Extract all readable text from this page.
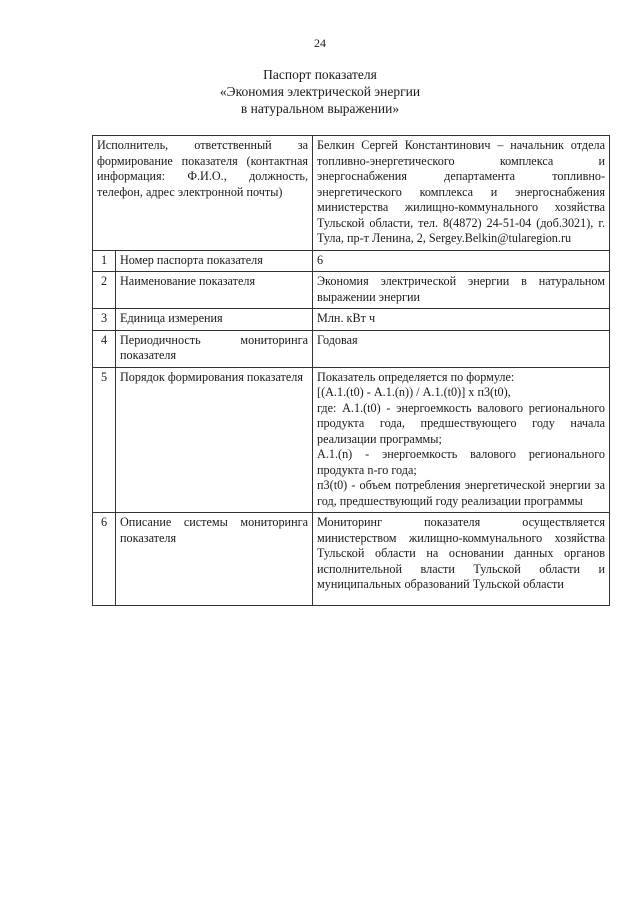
24
Паспорт показателя
«Экономия электрической энергии
в натуральном выражении»
Исполнитель, ответственный за формирование показателя (контактная информация: Ф.И.О., должность, телефон, адрес электронной почты)		Белкин Сергей Константинович – начальник отдела топливно-энергетического комплекса и энергоснабжения департамента топливно-энергетического комплекса и энергоснабжения министерства жилищно-коммунального хозяйства Тульской области, тел. 8(4872) 24-51-04 (доб.3021), г. Тула, пр-т Ленина, 2, Sergey.Belkin@tularegion.ru
1	Номер паспорта показателя	6
2	Наименование показателя	Экономия электрической энергии в натуральном выражении энергии
3	Единица измерения	Млн. кВт ч
4	Периодичность мониторинга показателя	Годовая
5	Порядок формирования показателя	Показатель определяется по формуле:

[(А.1.(t0) - А.1.(n)) / А.1.(t0)] х п3(t0),

где: А.1.(t0) - энергоемкость валового регионального продукта года, предшествующего году начала реализации программы;

А.1.(n) - энергоемкость валового регионального продукта n-го года;

п3(t0) - объем потребления энергетической энергии за год, предшествующий году реализации программы

6	Описание системы мониторинга показателя	Мониторинг показателя осуществляется министерством жилищно-коммунального хозяйства Тульской области на основании данных органов исполнительной власти Тульской области и муниципальных образований Тульской области
